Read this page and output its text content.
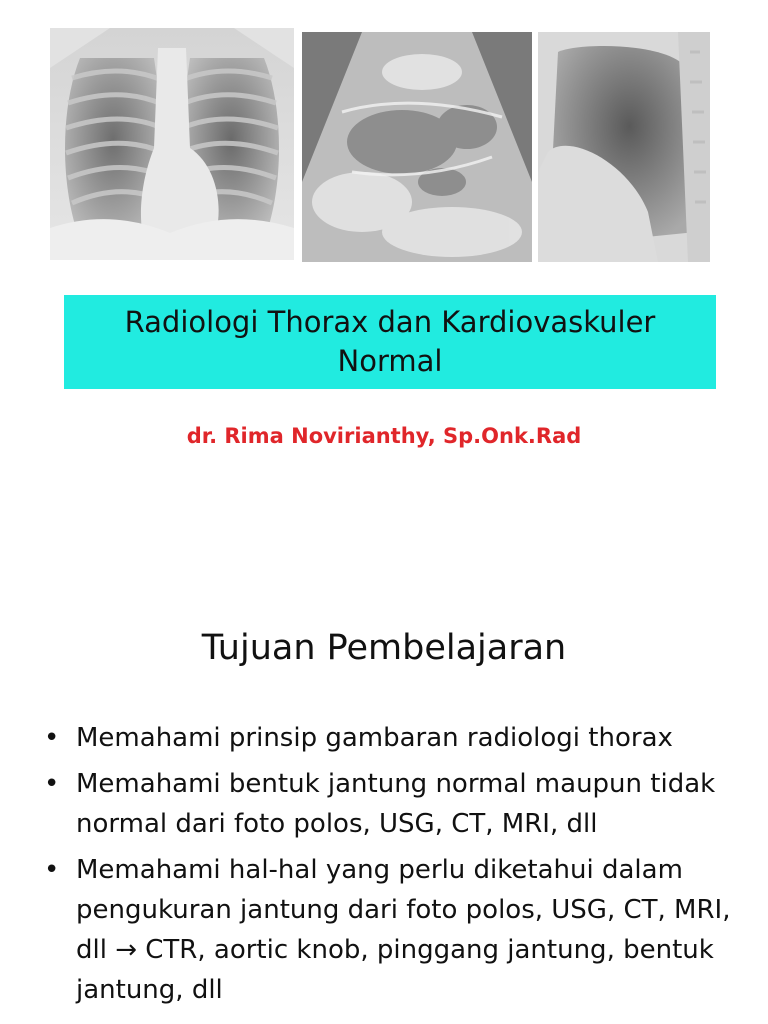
Radiologi Thorax dan Kardiovaskuler Normal
dr. Rima Novirianthy, Sp.Onk.Rad
Tujuan Pembelajaran
• Memahami prinsip gambaran radiologi thorax
• Memahami bentuk jantung normal maupun tidak normal dari foto polos, USG, CT, MRI, dll
• Memahami hal-hal yang perlu diketahui dalam pengukuran jantung dari foto polos, USG, CT, MRI, dll → CTR, aortic knob, pinggang jantung, bentuk jantung, dll
